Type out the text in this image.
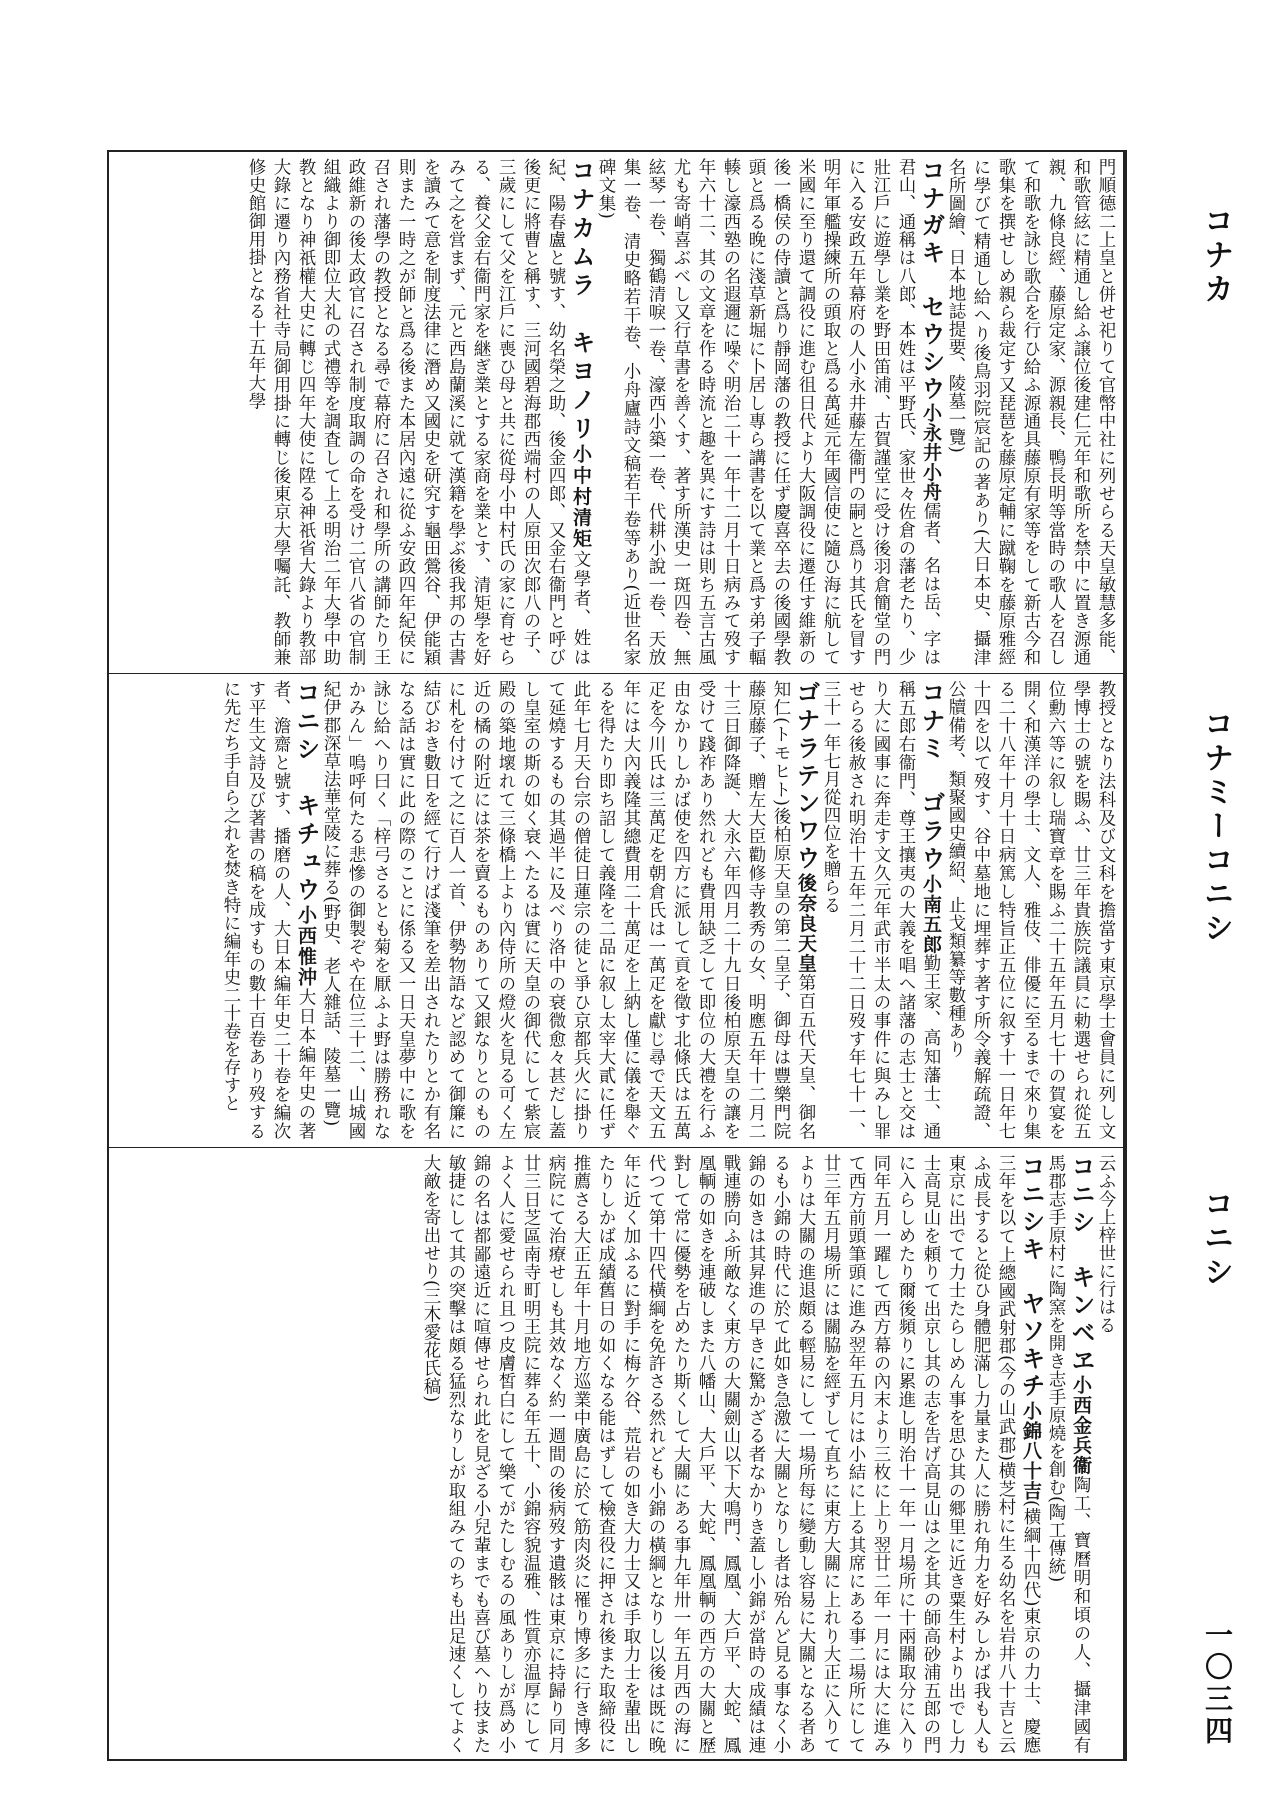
コナカ
コナミーコニシ
コニシ
一〇三四
門順德二上皇と併せ祀りて官幣中社に列せらる天皇敏慧多能、和歌管絃に精通し給ふ譲位後建仁元年和歌所を禁中に置き源通親、九條良經、藤原定家、源親長、鴨長明等當時の歌人を召して和歌を詠じ歌合を行ひ給ふ源通具藤原有家等をして新古今和歌集を撰せしめ親ら裁定す又琵琶を藤原定輔に蹴鞠を藤原雅經に學びて精通し給へり後鳥羽院宸記の著あり(大日本史、攝津名所圖繪、日本地誌提要、陵墓一覽)
コナガキ　セウシウ小永井小舟儒者、名は岳、字は君山、通稱は八郎、本姓は平野氏、家世々佐倉の藩老たり、少壯江戶に遊學し業を野田笛浦、古賀謹堂に受け後羽倉簡堂の門に入る安政五年幕府の人小永井藤左衞門の嗣と爲り其氏を冒す明年軍艦操練所の頭取と爲る萬延元年國信使に隨ひ海に航して米國に至り還て調役に進む徂日代より大阪調役に遷任す維新の後一橋侯の侍讀と爲り靜岡藩の教授に任ず慶喜卒去の後國學教頭と爲る晚に淺草新堀に卜居し專ら講書を以て業と爲す弟子輻輳し濠西塾の名遐邇に噪ぐ明治二十一年十二月十日病みて歿す年六十二、其の文章を作る時流と趣を異にす詩は則ち五言古風尤も寄峭喜ぶべし又行草書を善くす、著す所漢史一斑四卷、無絃琴一卷、獨鶴清唳一卷、濠西小築一卷、代耕小說一卷、天放集一卷、清史略若干卷、小舟廬詩文稿若干卷等あり(近世名家碑文集)
コナカムラ　キヨノリ小中村清矩文學者、姓は紀、陽春盧と號す、幼名榮之助、後金四郎、又金右衞門と呼び後更に將曹と稱す、三河國碧海郡西端村の人原田次郎八の子、三歲にして父を江戶に喪ひ母と共に從母小中村氏の家に育せらる、養父金右衞門家を継ぎ業とする家商を業とす、清矩學を好みて之を営まず、元と西島蘭溪に就て漢籍を學ぶ後我邦の古書を讀みて意を制度法律に潛め又國史を研究す龜田鶯谷、伊能穎則また一時之が師と爲る後また本居內遠に從ふ安政四年紀侯に召され藩學の教授となる尋で幕府に召され和學所の講師たり王政維新の後太政官に召され制度取調の命を受け二官八省の官制組織より御即位大礼の式禮等を調査して上る明治二年大學中助教となり神祇權大史に轉じ四年大使に陞る神祇省大錄より教部大錄に遷り內務省社寺局御用掛に轉じ後東京大學囑託、教師兼修史館御用掛となる十五年大學
教授となり法科及び文科を擔當す東京學士會員に列し文學博士の號を賜ふ、廿三年貴族院議員に勅選せられ從五位勳六等に叙し瑞寶章を賜ふ二十五年五月七十の賀宴を開く和漢洋の學士、文人、雅伎、俳優に至るまで來り集る二十八年十月十日病篤し特旨正五位に叙す十一日年七十四を以て歿す、谷中墓地に埋葬す著す所令義解疏證、公牘備考、類聚國史續紹、止戈類纂等數種あり
コナミ　ゴラウ小南五郎勤王家、高知藩士、通稱五郎右衞門、尊王攘夷の大義を唱へ諸藩の志士と交はり大に國事に奔走す文久元年武市半太の事件に與みし罪せらる後赦され明治十五年二月二十二日歿す年七十一、三十一年七月從四位を贈らる
ゴナラテンワウ後奈良天皇第百五代天皇、御名知仁(トモヒト)後柏原天皇の第二皇子、御母は豐樂門院藤原藤子、贈左大臣勸修寺教秀の女、明應五年十二月二十三日御降誕、大永六年四月二十九日後柏原天皇の讓を受けて踐祚あり然れども費用缺乏して即位の大禮を行ふ由なかりしかば使を四方に派して貢を徵す北條氏は五萬疋を今川氏は三萬疋を朝倉氏は一萬疋を獻じ尋で天文五年には大內義隆其總費用二十萬疋を上納し僅に儀を舉ぐるを得たり即ち詔して義隆を二品に叙し太宰大貳に任ず此年七月天台宗の僧徒日蓮宗の徒と爭ひ京都兵火に掛りて延燒するもの其過半に及べり洛中の衰微愈々甚だし蓋し皇室の斯の如く衰へたるは實に天皇の御代にして紫宸殿の築地壞れて三條橋上より內侍所の燈火を見る可く左近の橘の附近には茶を賣るものありて又銀なりとのものに札を付けて之に百人一首、伊勢物語など認めて御簾に結びおき數日を經て行けば淺筆を差出されたりとか有名なる話は實に此の際のことに係る又一日天皇夢中に歌を詠じ給へり曰く「梓弓さるとも菊を厭ふよ野は勝務れなかみん」嗚呼何たる悲慘の御製ぞや在位三十二、山城國紀伊郡深草法華堂陵に葬る(野史、老人雜話、陵墓一覽)
コニシ　キチュウ小西惟沖大日本編年史の著者、澹齋と號す、播磨の人、大日本編年史二十卷を編次す平生文詩及び著書の稿を成すもの數十百卷あり歿するに先だち手自ら之れを焚き特に編年史二十卷を存すと
云ふ今上梓世に行はる
コニシ　キンベヱ小西金兵衞陶工、寶曆明和頃の人、攝津國有馬郡志手原村に陶窯を開き志手原燒を創む(陶工傳統)
コニシキ　ヤソキチ小錦八十吉(横綱十四代)東京の力士、慶應三年を以て上總國武射郡(今の山武郡)横芝村に生る幼名を岩井八十吉と云ふ成長すると從ひ身體肥滿し力量また人に勝れ角力を好みしかば我も人も東京に出でて力士たらしめん事を思ひ其の郷里に近き粟生村より出でし力士高見山を頼りて出京し其の志を告げ高見山は之を其の師高砂浦五郎の門に入らしめたり爾後頻りに累進し明治十一年一月場所に十兩關取分に入り同年五月一躍して西方幕の內末より三枚に上り翌廿二年一月には大に進みて西方前頭筆頭に進み翌年五月には小結に上る其席にある事二場所にして廿三年五月場所には關脇を經ずして直ちに東方大關に上れり大正に入りてよりは大關の進退頗る輕易にして一場所每に變動し容易に大關となる者あるも小錦の時代に於て此如き急激に大關となりし者は殆んど見る事なく小錦の如きは其昇進の早きに驚かざる者なかりき蓋し小錦が當時の成績は連戰連勝向ふ所敵なく東方の大關劍山以下大鳴門、鳳凰、大戶平、大蛇、鳳凰輌の如きを連破しまた八幡山、大戶平、大蛇、鳳凰輌の西方の大關と歷對して常に優勢を占めたり斯くして大關にある事九年卅一年五月西の海に代つて第十四代橫綱を免許さる然れども小錦の橫綱となりし以後は既に晚年に近く加ふるに對手に梅ケ谷、荒岩の如き大力士又は手取力士を輩出したりしかば成績舊日の如くなる能はずして檢査役に押され後また取締役に推薦さる大正五年十月地方巡業中廣島に於て筋肉炎に罹り博多に行き博多病院にて治療せしも其效なく約一週間の後病歿す遺骸は東京に持歸り同月廿三日芝區南寺町明王院に葬る年五十、小錦容貌温雅、性質亦温厚にしてよく人に愛せられ且つ皮膚皙白にして樂てがたしむるの風ありしが爲め小錦の名は都鄙遠近に喧傳せられ此を見ざる小兒輩までも喜び墓へり技また敏捷にして其の突擊は頗る猛烈なりしが取組みてのちも出足速くしてよく大敵を寄出せり(三木愛花氏稿)
